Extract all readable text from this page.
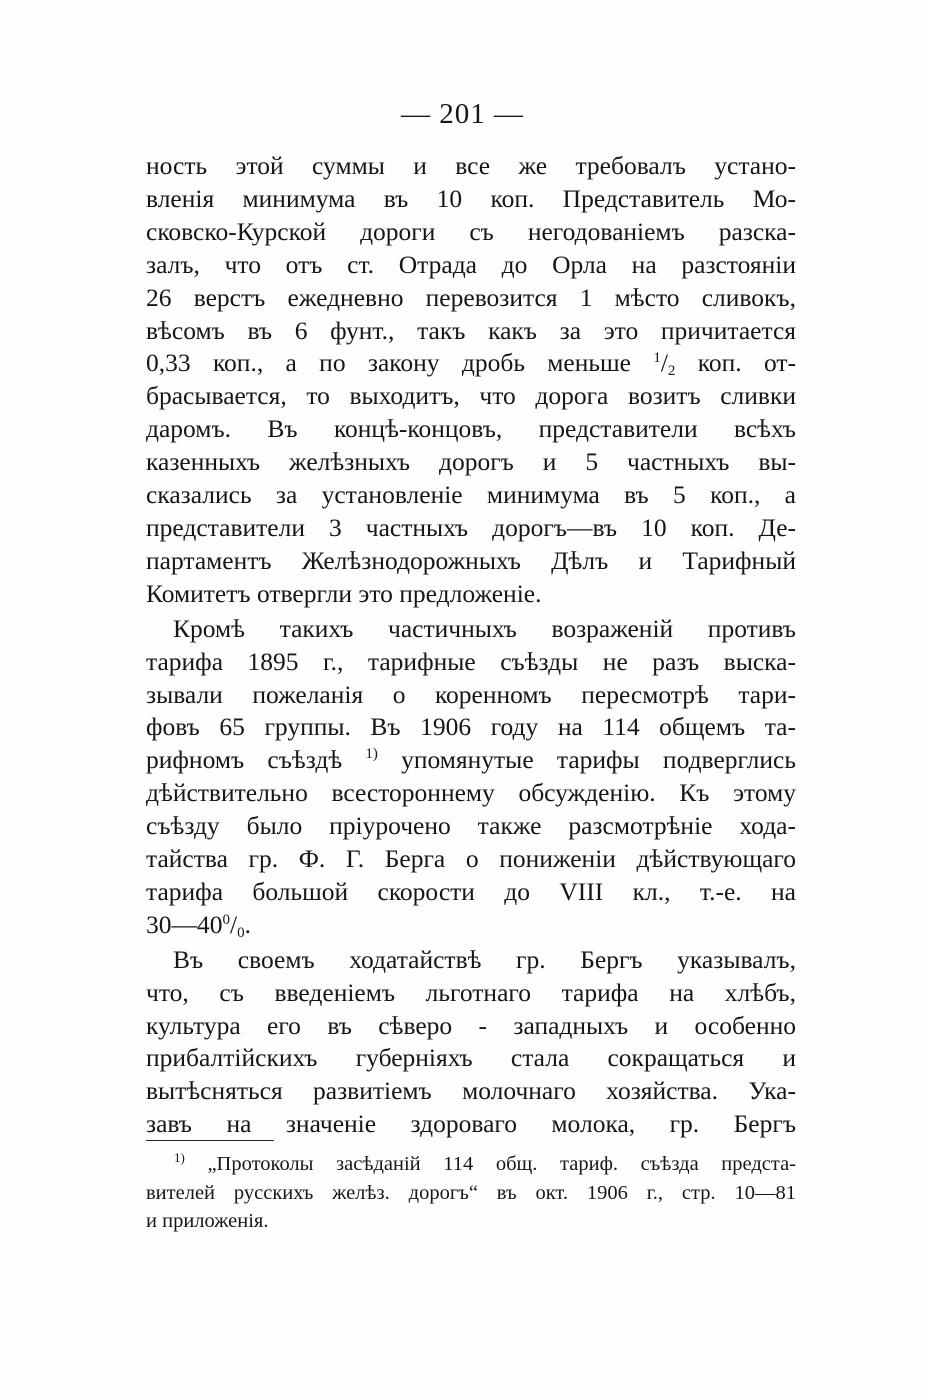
— 201 —
ность этой суммы и все же требовалъ устано-
вленія минимума въ 10 коп. Представитель Мо-
сковско-Курской дороги съ негодованіемъ разска-
залъ, что отъ ст. Отрада до Орла на разстояніи
26 верстъ ежедневно перевозится 1 мѣсто сливокъ,
вѣсомъ въ 6 фунт., такъ какъ за это причитается
0,33 коп., а по закону дробь меньше $^1/_2$ коп. от-
брасывается, то выходитъ, что дорога возитъ сливки
даромъ. Въ концѣ-концовъ, представители всѣхъ
казенныхъ желѣзныхъ дорогъ и 5 частныхъ вы-
сказались за установленіе минимума въ 5 коп., а
представители 3 частныхъ дорогъ—въ 10 коп. Де-
партаментъ Желѣзнодорожныхъ Дѣлъ и Тарифный
Комитетъ отвергли это предложеніе.
Кромѣ такихъ частичныхъ возраженій противъ
тарифа 1895 г., тарифные съѣзды не разъ выска-
зывали пожеланія о коренномъ пересмотрѣ тари-
фовъ 65 группы. Въ 1906 году на 114 общемъ та-
рифномъ съѣздѣ $^{1)}$ упомянутые тарифы подверглись
дѣйствительно всестороннему обсужденію. Къ этому
съѣзду было пріурочено также разсмотрѣніе хода-
тайства гр. Ф. Г. Берга о пониженіи дѣйствующаго
тарифа большой скорости до VIII кл., т.-е. на
$30—40^0/_0$.
Въ своемъ ходатайствѣ гр. Бергъ указывалъ,
что, съ введеніемъ льготнаго тарифа на хлѣбъ,
культура его въ сѣверо - западныхъ и особенно
прибалтійскихъ губерніяхъ стала сокращаться и
вытѣсняться развитіемъ молочнаго хозяйства. Ука-
завъ на значеніе здороваго молока, гр. Бергъ
$^{1)}$ „Протоколы засѣданій 114 общ. тариф. съѣзда предста-
вителей русскихъ желѣз. дорогъ“ въ окт. 1906 г., стр. 10—81
и приложенія.
